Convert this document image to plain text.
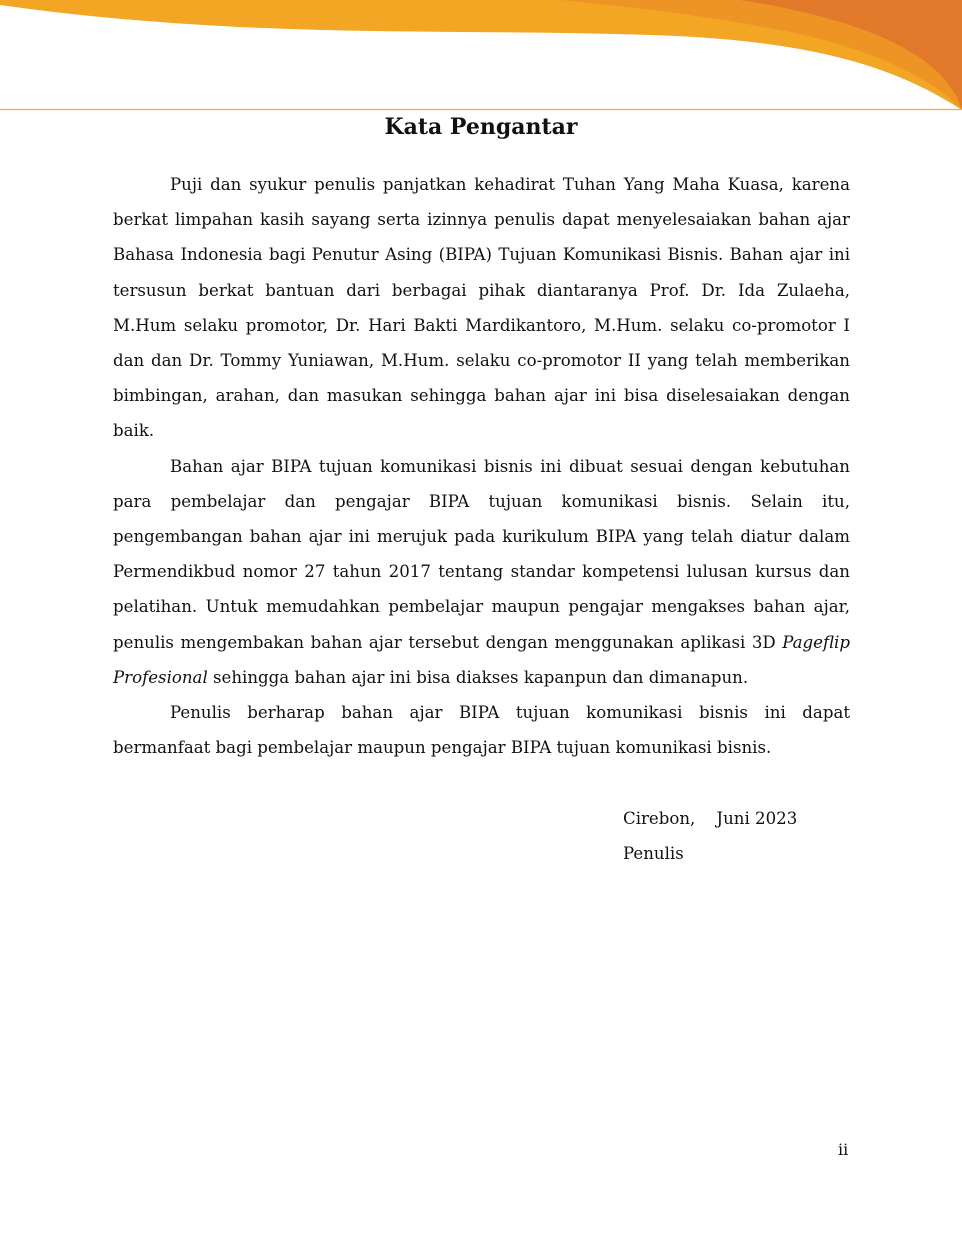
Kata Pengantar

Puji dan syukur penulis panjatkan kehadirat Tuhan Yang Maha Kuasa, karena berkat limpahan kasih sayang serta izinnya penulis dapat menyelesaiakan bahan ajar Bahasa Indonesia bagi Penutur Asing (BIPA) Tujuan Komunikasi Bisnis. Bahan ajar ini tersusun berkat bantuan dari berbagai pihak diantaranya Prof. Dr. Ida Zulaeha, M.Hum selaku promotor, Dr. Hari Bakti Mardikantoro, M.Hum. selaku co-promotor I dan dan Dr. Tommy Yuniawan, M.Hum. selaku co-promotor II yang telah memberikan bimbingan, arahan, dan masukan sehingga bahan ajar ini bisa diselesaiakan dengan baik.

Bahan ajar BIPA tujuan komunikasi bisnis ini dibuat sesuai dengan kebutuhan para pembelajar dan pengajar BIPA tujuan komunikasi bisnis. Selain itu, pengembangan bahan ajar ini merujuk pada kurikulum BIPA yang telah diatur dalam Permendikbud nomor 27 tahun 2017 tentang standar kompetensi lulusan kursus dan pelatihan. Untuk memudahkan pembelajar maupun pengajar mengakses bahan ajar, penulis mengembakan bahan ajar tersebut dengan menggunakan aplikasi 3D Pageflip Profesional sehingga bahan ajar ini bisa diakses kapanpun dan dimanapun.

Penulis berharap bahan ajar BIPA tujuan komunikasi bisnis ini dapat bermanfaat bagi pembelajar maupun pengajar BIPA tujuan komunikasi bisnis.

Cirebon,    Juni 2023
Penulis
ii
